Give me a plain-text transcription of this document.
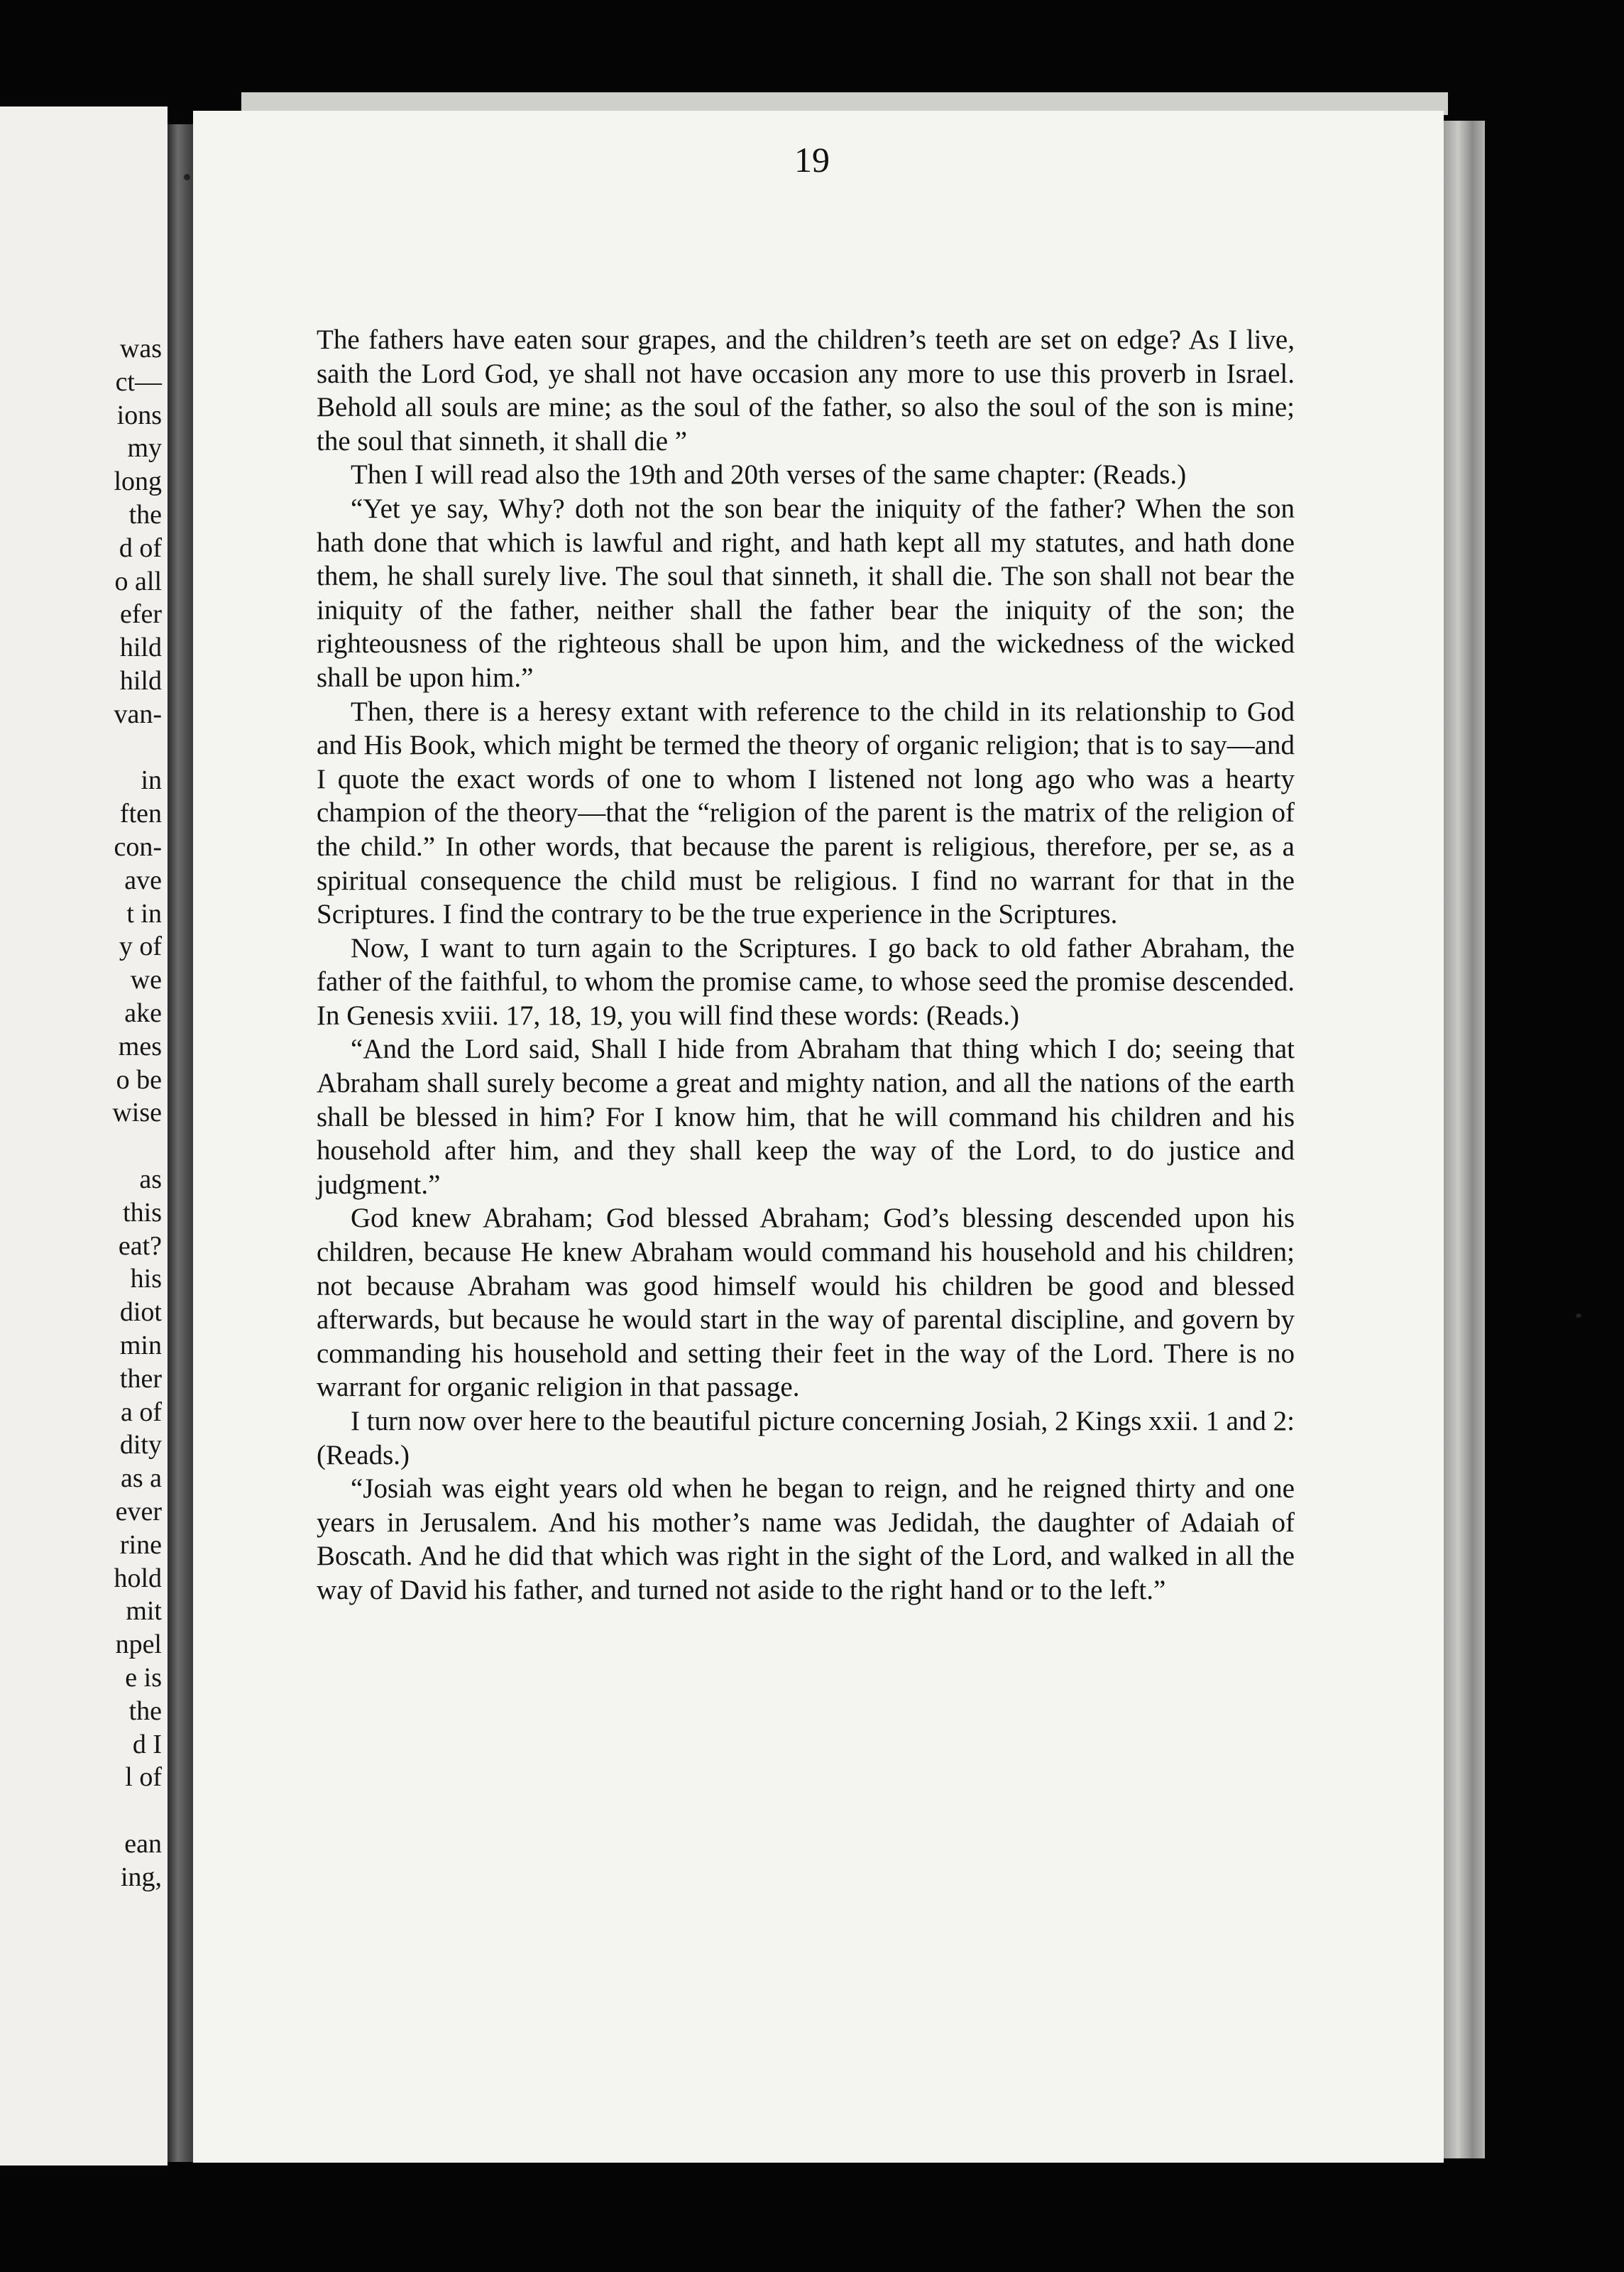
was
ct—
ions
my
long
the
d of
o all
efer
hild
hild
van-
in
ften
con-
ave
t in
y of
we
ake
mes
o be
wise
as
this
eat?
his
diot
min
ther
a of
dity
as a
ever
rine
hold
mit
npel
e is
the
d I
l of
ean
ing,
19

The fathers have eaten sour grapes, and the children’s teeth are set on edge? As I live, saith the Lord God, ye shall not have occasion any more to use this proverb in Israel. Behold all souls are mine; as the soul of the father, so also the soul of the son is mine; the soul that sinneth, it shall die ”

Then I will read also the 19th and 20th verses of the same chapter: (Reads.)

“Yet ye say, Why? doth not the son bear the iniquity of the father? When the son hath done that which is lawful and right, and hath kept all my statutes, and hath done them, he shall surely live. The soul that sinneth, it shall die. The son shall not bear the iniquity of the father, neither shall the father bear the iniquity of the son; the righteousness of the righteous shall be upon him, and the wickedness of the wicked shall be upon him.”

Then, there is a heresy extant with reference to the child in its relationship to God and His Book, which might be termed the theory of organic religion; that is to say—and I quote the exact words of one to whom I listened not long ago who was a hearty champion of the theory—that the “religion of the parent is the matrix of the religion of the child.” In other words, that because the parent is religious, therefore, per se, as a spiritual consequence the child must be religious. I find no warrant for that in the Scriptures. I find the contrary to be the true experience in the Scriptures.

Now, I want to turn again to the Scriptures. I go back to old father Abraham, the father of the faithful, to whom the promise came, to whose seed the promise descended. In Genesis xviii. 17, 18, 19, you will find these words: (Reads.)

“And the Lord said, Shall I hide from Abraham that thing which I do; seeing that Abraham shall surely become a great and mighty nation, and all the nations of the earth shall be blessed in him? For I know him, that he will command his children and his household after him, and they shall keep the way of the Lord, to do justice and judgment.”

God knew Abraham; God blessed Abraham; God’s blessing descended upon his children, because He knew Abraham would command his household and his children; not because Abraham was good himself would his children be good and blessed afterwards, but because he would start in the way of parental discipline, and govern by commanding his household and setting their feet in the way of the Lord. There is no warrant for organic religion in that passage.

I turn now over here to the beautiful picture concerning Josiah, 2 Kings xxii. 1 and 2: (Reads.)

“Josiah was eight years old when he began to reign, and he reigned thirty and one years in Jerusalem. And his mother’s name was Jedidah, the daughter of Adaiah of Boscath. And he did that which was right in the sight of the Lord, and walked in all the way of David his father, and turned not aside to the right hand or to the left.”
